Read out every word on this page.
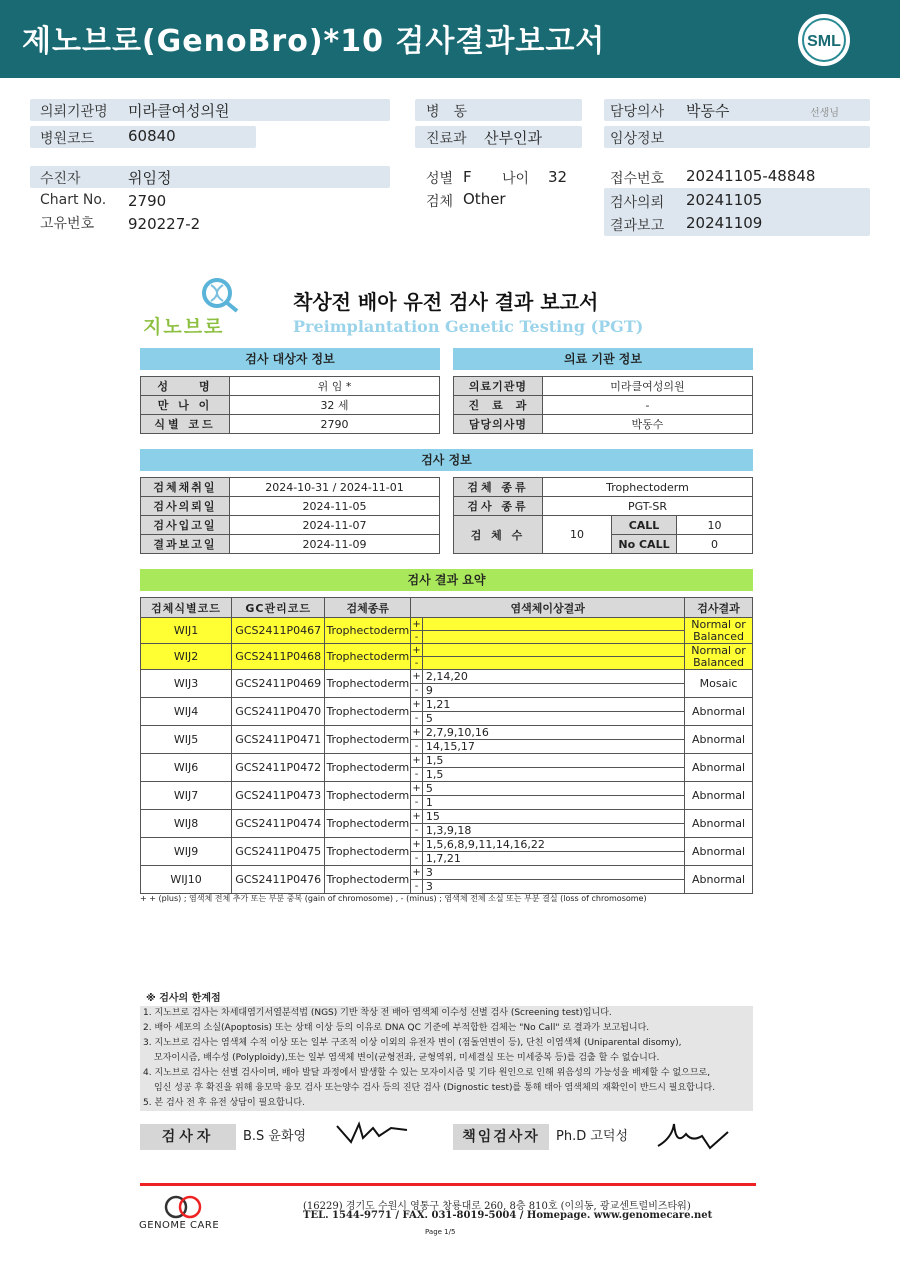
제노브로(GenoBro)*10 검사결과보고서	SML
의뢰기관명 미라클여성의원
병원코드 60840
병　동
진료과 산부인과
담당의사 박동수	선생님
임상정보
수진자	위임정
Chart No. 2790
고유번호 920227-2
성별 F 나이 32
검체 Other
접수번호 20241105-48848
검사의뢰 20241105
결과보고 20241109
지노브로
착상전 배아 유전 검사 결과 보고서
Preimplantation Genetic Testing (PGT)
검사 대상자 정보	의료 기관 정보
성　　명	위 임 *
만 나 이	32 세
식별 코드	2790
의료기관명	미라클여성의원
진　료　과	-
담당의사명	박동수
검사 정보
검체채취일	2024-10-31 / 2024-11-01
검사의뢰일	2024-11-05
검사입고일	2024-11-07
결과보고일	2024-11-09
검체 종류	Trophectoderm		
검사 종류	PGT-SR		
검 체 수	10	CALL	10
		No CALL	0
검사 결과 요약
검체식별코드	GC관리코드	검체종류	염색체이상결과		검사결과
WIJ1	GCS2411P0467	Trophectoderm	+		Normal or Balanced
			-		
WIJ2	GCS2411P0468	Trophectoderm	+		Normal or Balanced
			-		
WIJ3	GCS2411P0469	Trophectoderm	+	2,14,20	Mosaic
			-	9	
WIJ4	GCS2411P0470	Trophectoderm	+	1,21	Abnormal
			-	5	
WIJ5	GCS2411P0471	Trophectoderm	+	2,7,9,10,16	Abnormal
			-	14,15,17	
WIJ6	GCS2411P0472	Trophectoderm	+	1,5	Abnormal
			-	1,5	
WIJ7	GCS2411P0473	Trophectoderm	+	5	Abnormal
			-	1	
WIJ8	GCS2411P0474	Trophectoderm	+	15	Abnormal
			-	1,3,9,18	
WIJ9	GCS2411P0475	Trophectoderm	+	1,5,6,8,9,11,14,16,22	Abnormal
			-	1,7,21	
WIJ10	GCS2411P0476	Trophectoderm	+	3	Abnormal
			-	3	
+ + (plus) ; 염색체 전체 추가 또는 부분 중복 (gain of chromosome) , - (minus) ; 염색체 전체 소실 또는 부분 결실 (loss of chromosome)
※ 검사의 한계점
1. 지노브로 검사는 차세대염기서열분석법 (NGS) 기반 착상 전 배아 염색체 이수성 선별 검사 (Screening test)입니다.
2. 배아 세포의 소실(Apoptosis) 또는 상태 이상 등의 이유로 DNA QC 기준에 부적합한 검체는 "No Call" 로 결과가 보고됩니다.
3. 지노브로 검사는 염색체 수적 이상 또는 일부 구조적 이상 이외의 유전자 변이 (점돌연변이 등), 단친 이염색체 (Uniparental disomy),
모자이시즘, 배수성 (Polyploidy),또는 일부 염색체 변이(균형전좌, 균형역위, 미세결실 또는 미세중복 등)를 검출 할 수 없습니다.
4. 지노브로 검사는 선별 검사이며, 배아 발달 과정에서 발생할 수 있는 모자이시즘 및 기타 원인으로 인해 위음성의 가능성을 배제할 수 없으므로,
임신 성공 후 확진을 위해 융모막 융모 검사 또는양수 검사 등의 진단 검사 (Dignostic test)를 통해 태아 염색체의 재확인이 반드시 필요합니다.
5. 본 검사 전 후 유전 상담이 필요합니다.
검사자	B.S 윤화영	책임검사자	Ph.D 고덕성
GENOME CARE
(16229) 경기도 수원시 영통구 창룡대로 260, 8층 810호 (이의동, 광교센트럴비즈타워)
TEL. 1544-9771 / FAX. 031-8019-5004 / Homepage. www.genomecare.net
Page 1/5
